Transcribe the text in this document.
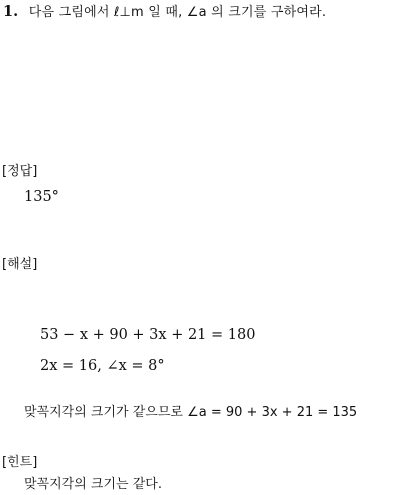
1. 다음 그림에서 ℓ⊥m 일 때, ∠a 의 크기를 구하여라.
[정답]
135°
[해설]
53 − x + 90 + 3x + 21 = 180
2x = 16, ∠x = 8°
맞꼭지각의 크기가 같으므로 ∠a = 90 + 3x + 21 = 135
[힌트]
맞꼭지각의 크기는 같다.
